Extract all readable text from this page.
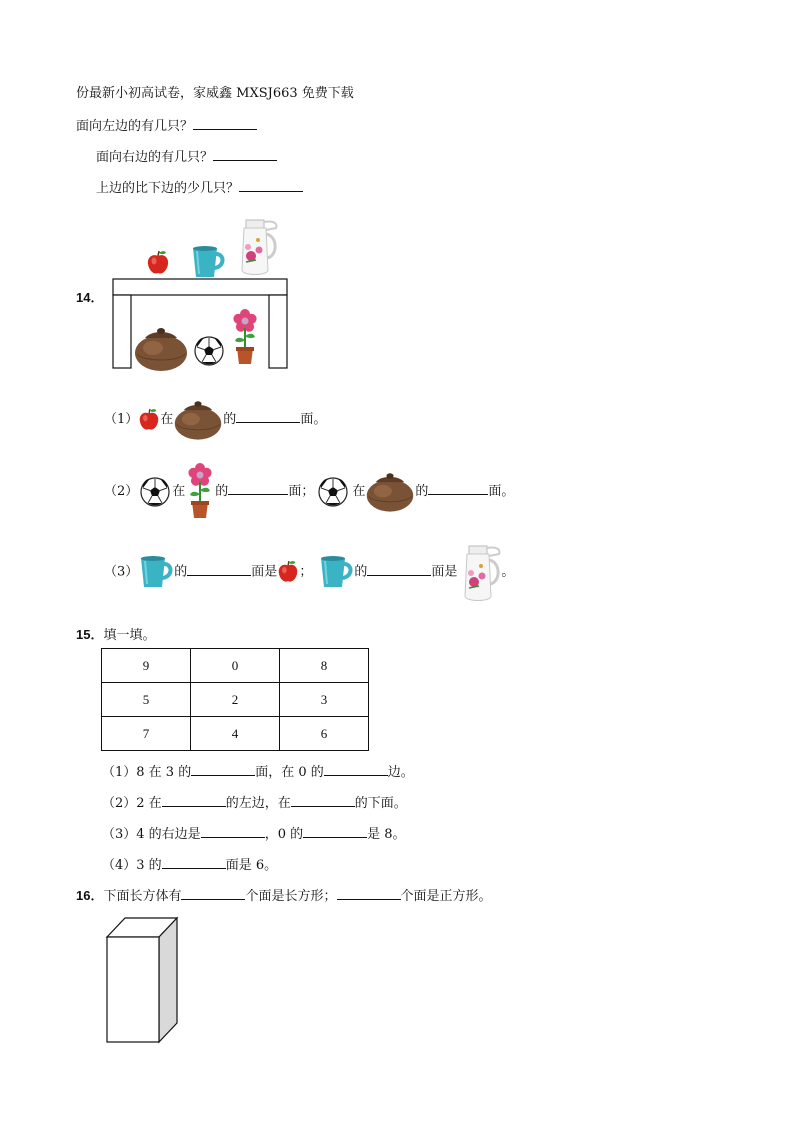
份最新小初高试卷，家威鑫 MXSJ663 免费下载
面向左边的有几只？
面向右边的有几只？
上边的比下边的少几只？
14．
（1） 在	的	面。
（2）	在 的	面；	在	的	面。
（3）	的	面是 ；	的	面是	。
15．填一填。
9	0	8
5	2	3
7	4	6
（1）8 在 3 的	面，在 0 的	边。
（2）2 在	的左边，在	的下面。
（3）4 的右边是	，0 的	是 8。
（4）3 的	面是 6。
16．下面长方体有	个面是长方形；	个面是正方形。
